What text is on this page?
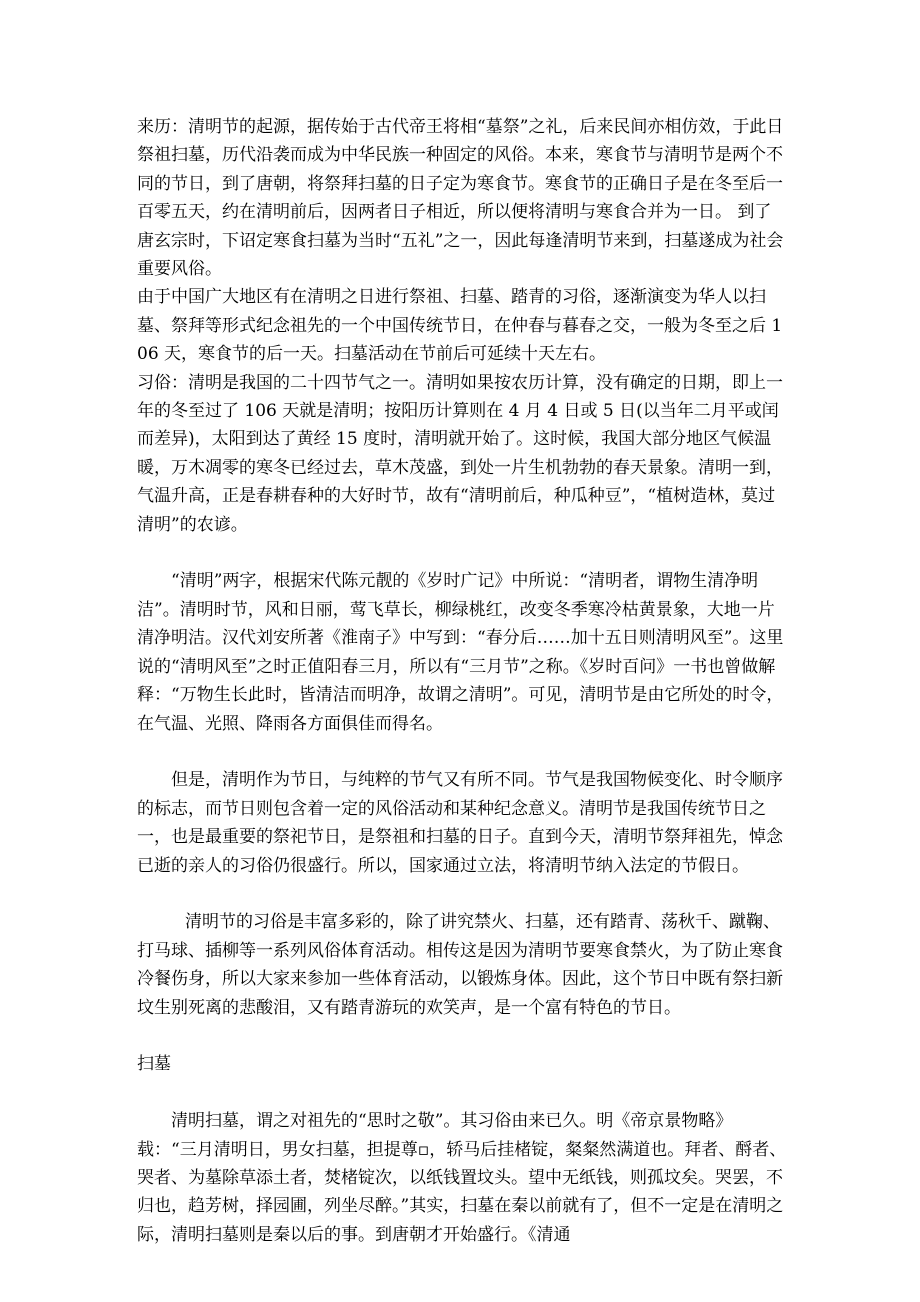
来历：清明节的起源，据传始于古代帝王将相“墓祭”之礼，后来民间亦相仿效，于此日祭祖扫墓，历代沿袭而成为中华民族一种固定的风俗。本来，寒食节与清明节是两个不同的节日，到了唐朝，将祭拜扫墓的日子定为寒食节。寒食节的正确日子是在冬至后一百零五天，约在清明前后，因两者日子相近，所以便将清明与寒食合并为一日。 到了唐玄宗时，下诏定寒食扫墓为当时“五礼”之一，因此每逢清明节来到，扫墓遂成为社会重要风俗。

由于中国广大地区有在清明之日进行祭祖、扫墓、踏青的习俗，逐渐演变为华人以扫墓、祭拜等形式纪念祖先的一个中国传统节日，在仲春与暮春之交，一般为冬至之后 106 天，寒食节的后一天。扫墓活动在节前后可延续十天左右。

习俗：清明是我国的二十四节气之一。清明如果按农历计算，没有确定的日期，即上一年的冬至过了 106 天就是清明；按阳历计算则在 4 月 4 日或 5 日(以当年二月平或闰而差异)，太阳到达了黄经 15 度时，清明就开始了。这时候，我国大部分地区气候温暖，万木凋零的寒冬已经过去，草木茂盛，到处一片生机勃勃的春天景象。清明一到，气温升高，正是春耕春种的大好时节，故有“清明前后，种瓜种豆”，“植树造林，莫过清明”的农谚。

“清明”两字，根据宋代陈元靓的《岁时广记》中所说：“清明者，谓物生清净明洁”。清明时节，风和日丽，莺飞草长，柳绿桃红，改变冬季寒冷枯黄景象，大地一片清净明洁。汉代刘安所著《淮南子》中写到：“春分后……加十五日则清明风至”。这里说的“清明风至”之时正值阳春三月，所以有“三月节”之称。《岁时百问》一书也曾做解释：“万物生长此时，皆清洁而明净，故谓之清明”。可见，清明节是由它所处的时令，在气温、光照、降雨各方面俱佳而得名。

但是，清明作为节日，与纯粹的节气又有所不同。节气是我国物候变化、时令顺序的标志，而节日则包含着一定的风俗活动和某种纪念意义。清明节是我国传统节日之一，也是最重要的祭祀节日，是祭祖和扫墓的日子。直到今天，清明节祭拜祖先，悼念已逝的亲人的习俗仍很盛行。所以，国家通过立法，将清明节纳入法定的节假日。

清明节的习俗是丰富多彩的，除了讲究禁火、扫墓，还有踏青、荡秋千、蹴鞠、打马球、插柳等一系列风俗体育活动。相传这是因为清明节要寒食禁火，为了防止寒食冷餐伤身，所以大家来参加一些体育活动，以锻炼身体。因此，这个节日中既有祭扫新坟生别死离的悲酸泪，又有踏青游玩的欢笑声，是一个富有特色的节日。

扫墓

清明扫墓，谓之对祖先的“思时之敬”。其习俗由来已久。明《帝京景物略》载：“三月清明日，男女扫墓，担提尊▫，轿马后挂楮锭，粲粲然满道也。拜者、酹者、哭者、为墓除草添土者，焚楮锭次，以纸钱置坟头。望中无纸钱，则孤坟矣。哭罢，不归也，趋芳树，择园圃，列坐尽醉。”其实，扫墓在秦以前就有了，但不一定是在清明之际，清明扫墓则是秦以后的事。到唐朝才开始盛行。《清通
